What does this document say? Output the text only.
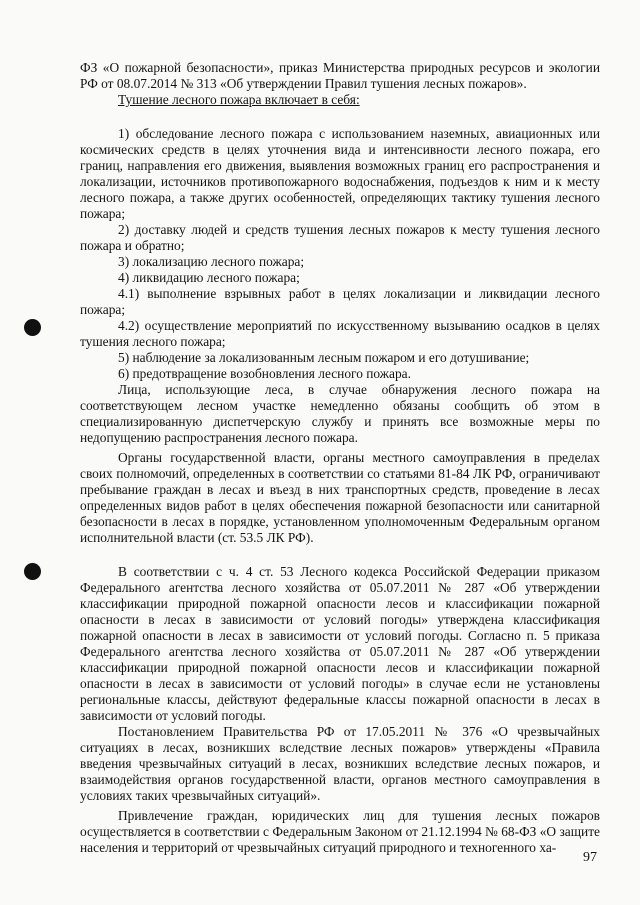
ФЗ «О пожарной безопасности», приказ Министерства природных ресурсов и экологии РФ от 08.07.2014 № 313 «Об утверждении Правил тушения лесных пожаров».

Тушение лесного пожара включает в себя:

1) обследование лесного пожара с использованием наземных, авиационных или космических средств в целях уточнения вида и интенсивности лесного пожара, его границ, направления его движения, выявления возможных границ его распространения и локализации, источников противопожарного водоснабжения, подъездов к ним и к месту лесного пожара, а также других особенностей, определяющих тактику тушения лесного пожара;

2) доставку людей и средств тушения лесных пожаров к месту тушения лесного пожара и обратно;

3) локализацию лесного пожара;

4) ликвидацию лесного пожара;

4.1) выполнение взрывных работ в целях локализации и ликвидации лесного пожара;

4.2) осуществление мероприятий по искусственному вызыванию осадков в целях тушения лесного пожара;

5) наблюдение за локализованным лесным пожаром и его дотушивание;

6) предотвращение возобновления лесного пожара.

Лица, использующие леса, в случае обнаружения лесного пожара на соответствующем лесном участке немедленно обязаны сообщить об этом в специализированную диспетчерскую службу и принять все возможные меры по недопущению распространения лесного пожара.

Органы государственной власти, органы местного самоуправления в пределах своих полномочий, определенных в соответствии со статьями 81-84 ЛК РФ, ограничивают пребывание граждан в лесах и въезд в них транспортных средств, проведение в лесах определенных видов работ в целях обеспечения пожарной безопасности или санитарной безопасности в лесах в порядке, установленном уполномоченным Федеральным органом исполнительной власти (ст. 53.5 ЛК РФ).

В соответствии с ч. 4 ст. 53 Лесного кодекса Российской Федерации приказом Федерального агентства лесного хозяйства от 05.07.2011 № 287 «Об утверждении классификации природной пожарной опасности лесов и классификации пожарной опасности в лесах в зависимости от условий погоды» утверждена классификация пожарной опасности в лесах в зависимости от условий погоды. Согласно п. 5 приказа Федерального агентства лесного хозяйства от 05.07.2011 № 287 «Об утверждении классификации природной пожарной опасности лесов и классификации пожарной опасности в лесах в зависимости от условий погоды» в случае если не установлены региональные классы, действуют федеральные классы пожарной опасности в лесах в зависимости от условий погоды.

Постановлением Правительства РФ от 17.05.2011 № 376 «О чрезвычайных ситуациях в лесах, возникших вследствие лесных пожаров» утверждены «Правила введения чрезвычайных ситуаций в лесах, возникших вследствие лесных пожаров, и взаимодействия органов государственной власти, органов местного самоуправления в условиях таких чрезвычайных ситуаций».

Привлечение граждан, юридических лиц для тушения лесных пожаров осуществляется в соответствии с Федеральным Законом от 21.12.1994 № 68-ФЗ «О защите населения и территорий от чрезвычайных ситуаций природного и техногенного ха-

97
